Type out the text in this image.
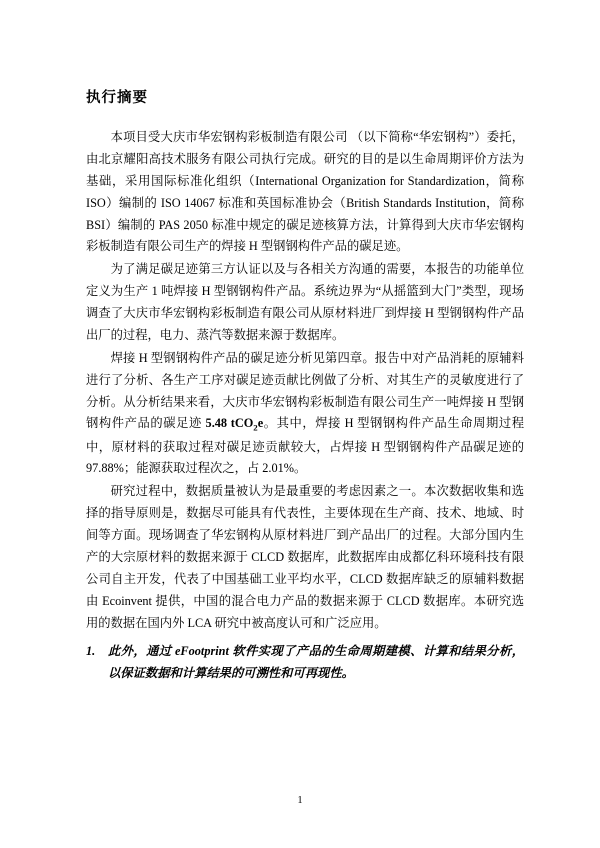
执行摘要

本项目受大庆市华宏钢构彩板制造有限公司 （以下简称“华宏钢构”）委托，由北京耀阳高技术服务有限公司执行完成。研究的目的是以生命周期评价方法为基础，采用国际标准化组织（International Organization for Standardization，简称ISO）编制的 ISO 14067 标准和英国标准协会（British Standards Institution，简称BSI）编制的 PAS 2050 标准中规定的碳足迹核算方法，计算得到大庆市华宏钢构彩板制造有限公司生产的焊接 H 型钢钢构件产品的碳足迹。

为了满足碳足迹第三方认证以及与各相关方沟通的需要，本报告的功能单位定义为生产 1 吨焊接 H 型钢钢构件产品。系统边界为“从摇篮到大门”类型，现场调查了大庆市华宏钢构彩板制造有限公司从原材料进厂到焊接 H 型钢钢构件产品出厂的过程，电力、蒸汽等数据来源于数据库。

焊接 H 型钢钢构件产品的碳足迹分析见第四章。报告中对产品消耗的原辅料进行了分析、各生产工序对碳足迹贡献比例做了分析、对其生产的灵敏度进行了分析。从分析结果来看，大庆市华宏钢构彩板制造有限公司生产一吨焊接 H 型钢钢构件产品的碳足迹 5.48 tCO$_2$e。其中，焊接 H 型钢钢构件产品生命周期过程中，原材料的获取过程对碳足迹贡献较大，占焊接 H 型钢钢构件产品碳足迹的 97.88%；能源获取过程次之，占 2.01%。

研究过程中，数据质量被认为是最重要的考虑因素之一。本次数据收集和选择的指导原则是，数据尽可能具有代表性，主要体现在生产商、技术、地域、时间等方面。现场调查了华宏钢构从原材料进厂到产品出厂的过程。大部分国内生产的大宗原材料的数据来源于 CLCD 数据库，此数据库由成都亿科环境科技有限公司自主开发，代表了中国基础工业平均水平，CLCD 数据库缺乏的原辅料数据由 Ecoinvent 提供，中国的混合电力产品的数据来源于 CLCD 数据库。本研究选用的数据在国内外 LCA 研究中被高度认可和广泛应用。

1.	此外，通过 eFootprint 软件实现了产品的生命周期建模、计算和结果分析，以保证数据和计算结果的可溯性和可再现性。
1
